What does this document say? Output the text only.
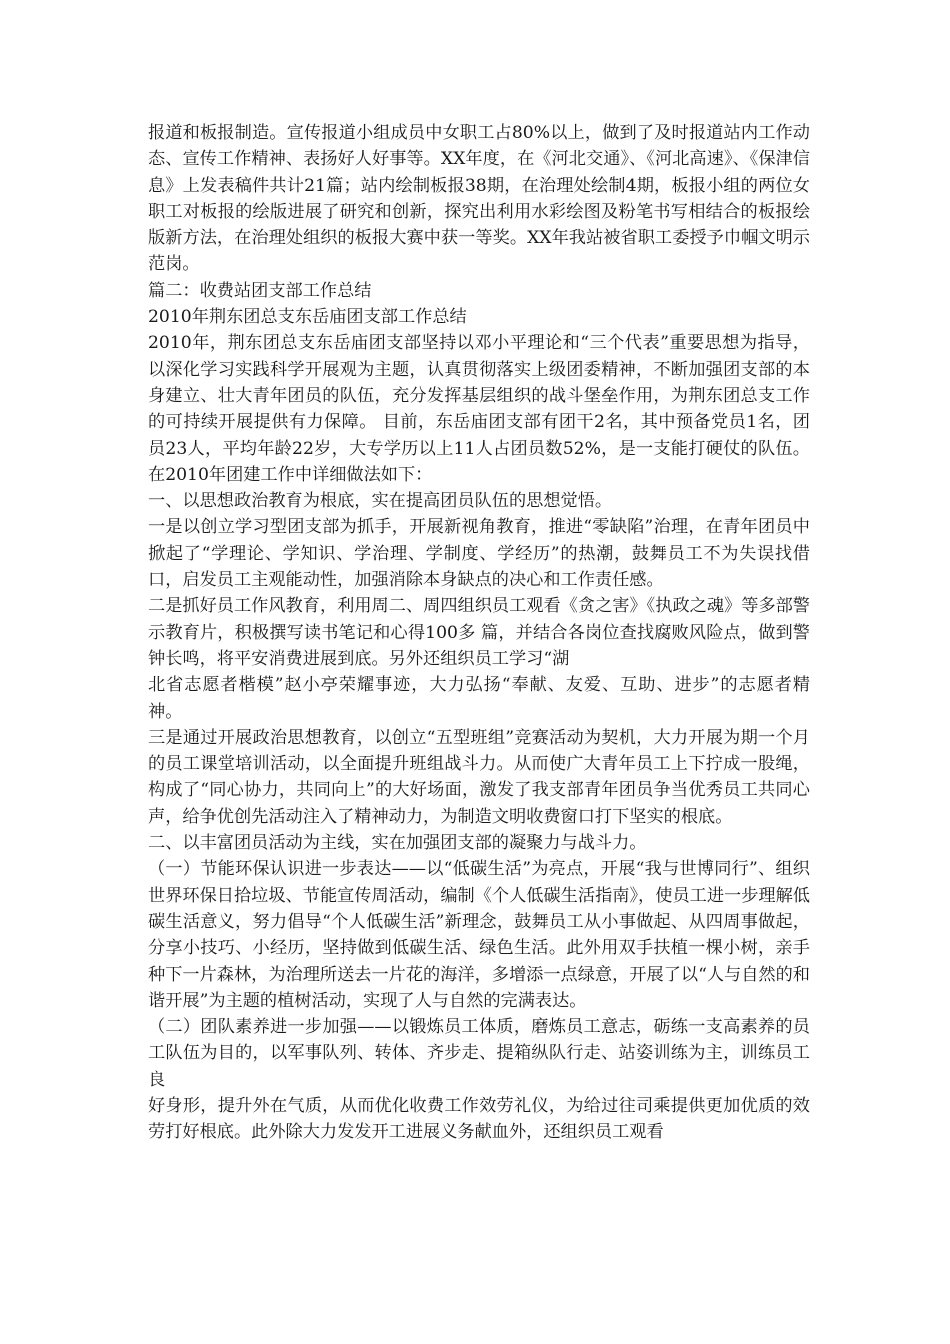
报道和板报制造。宣传报道小组成员中女职工占80%以上，做到了及时报道站内工作动态、宣传工作精神、表扬好人好事等。XX年度，在《河北交通》、《河北高速》、《保津信息》上发表稿件共计21篇；站内绘制板报38期，在治理处绘制4期，板报小组的两位女职工对板报的绘版进展了研究和创新，探究出利用水彩绘图及粉笔书写相结合的板报绘版新方法，在治理处组织的板报大赛中获一等奖。XX年我站被省职工委授予巾帼文明示范岗。

篇二：收费站团支部工作总结

2010年荆东团总支东岳庙团支部工作总结

2010年，荆东团总支东岳庙团支部坚持以邓小平理论和“三个代表”重要思想为指导，以深化学习实践科学开展观为主题，认真贯彻落实上级团委精神，不断加强团支部的本身建立、壮大青年团员的队伍，充分发挥基层组织的战斗堡垒作用，为荆东团总支工作的可持续开展提供有力保障。 目前，东岳庙团支部有团干2名，其中预备党员1名，团员23人，平均年龄22岁，大专学历以上11人占团员数52%，是一支能打硬仗的队伍。在2010年团建工作中详细做法如下：

一、以思想政治教育为根底，实在提高团员队伍的思想觉悟。

一是以创立学习型团支部为抓手，开展新视角教育，推进“零缺陷”治理，在青年团员中掀起了“学理论、学知识、学治理、学制度、学经历”的热潮，鼓舞员工不为失误找借口，启发员工主观能动性，加强消除本身缺点的决心和工作责任感。

二是抓好员工作风教育，利用周二、周四组织员工观看《贪之害》《执政之魂》等多部警示教育片，积极撰写读书笔记和心得100多 篇，并结合各岗位查找腐败风险点，做到警钟长鸣，将平安消费进展到底。另外还组织员工学习“湖

北省志愿者楷模”赵小亭荣耀事迹，大力弘扬“奉献、友爱、互助、进步”的志愿者精神。

三是通过开展政治思想教育，以创立“五型班组”竞赛活动为契机，大力开展为期一个月的员工课堂培训活动，以全面提升班组战斗力。从而使广大青年员工上下拧成一股绳，构成了“同心协力，共同向上”的大好场面，激发了我支部青年团员争当优秀员工共同心声，给争优创先活动注入了精神动力，为制造文明收费窗口打下坚实的根底。

二、以丰富团员活动为主线，实在加强团支部的凝聚力与战斗力。

（一）节能环保认识进一步表达——以“低碳生活”为亮点，开展“我与世博同行”、组织世界环保日拾垃圾、节能宣传周活动，编制《个人低碳生活指南》，使员工进一步理解低碳生活意义，努力倡导“个人低碳生活”新理念，鼓舞员工从小事做起、从四周事做起，分享小技巧、小经历，坚持做到低碳生活、绿色生活。此外用双手扶植一棵小树，亲手种下一片森林，为治理所送去一片花的海洋，多增添一点绿意，开展了以“人与自然的和谐开展”为主题的植树活动，实现了人与自然的完满表达。

（二）团队素养进一步加强——以锻炼员工体质，磨炼员工意志，砺练一支高素养的员工队伍为目的，以军事队列、转体、齐步走、提箱纵队行走、站姿训练为主，训练员工良

好身形，提升外在气质，从而优化收费工作效劳礼仪，为给过往司乘提供更加优质的效劳打好根底。此外除大力发发开工进展义务献血外，还组织员工观看
